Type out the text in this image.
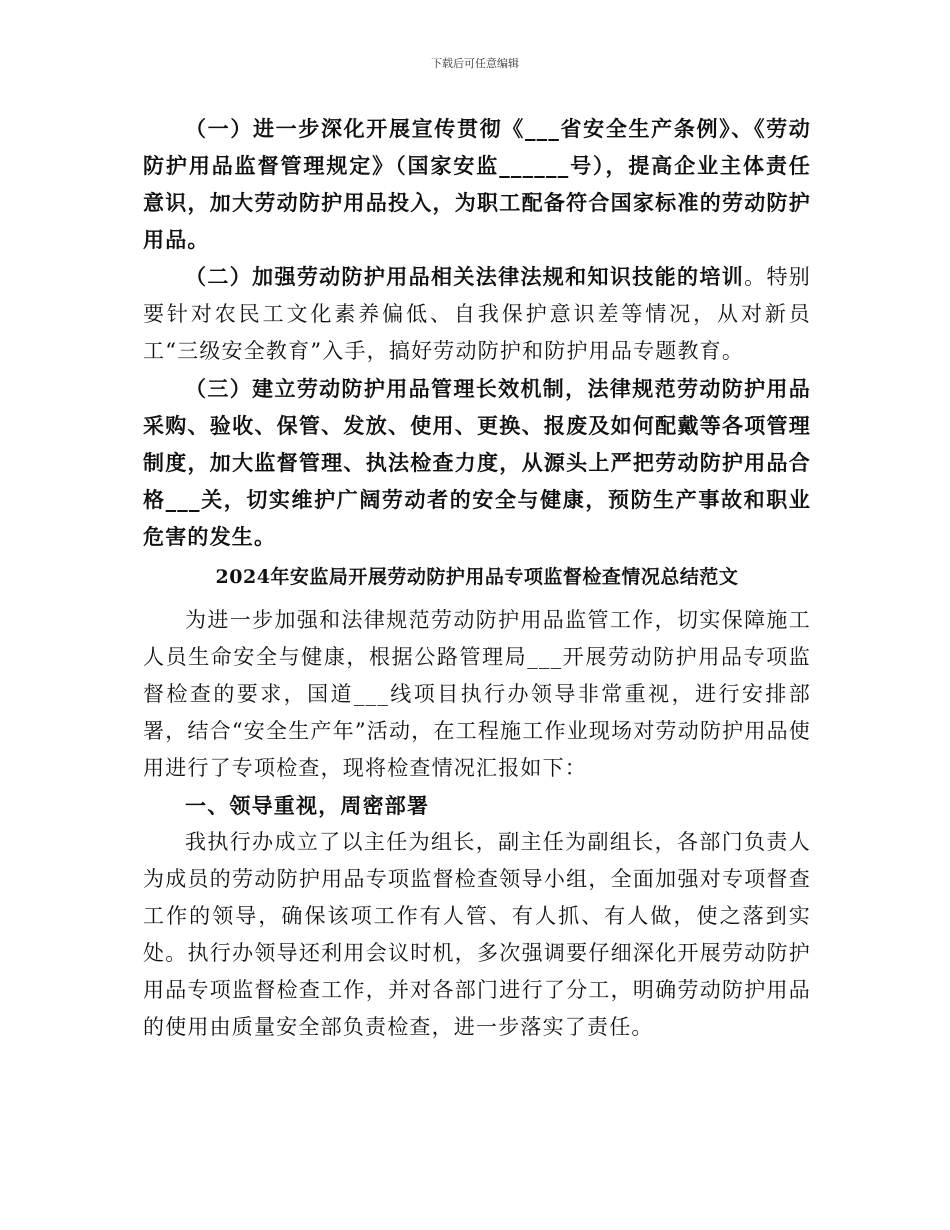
下载后可任意编辑

（一）进一步深化开展宣传贯彻《___省安全生产条例》、《劳动防护用品监督管理规定》（国家安监______号），提高企业主体责任意识，加大劳动防护用品投入，为职工配备符合国家标准的劳动防护用品。

（二）加强劳动防护用品相关法律法规和知识技能的培训。特别要针对农民工文化素养偏低、自我保护意识差等情况，从对新员工“三级安全教育”入手，搞好劳动防护和防护用品专题教育。

（三）建立劳动防护用品管理长效机制，法律规范劳动防护用品采购、验收、保管、发放、使用、更换、报废及如何配戴等各项管理制度，加大监督管理、执法检查力度，从源头上严把劳动防护用品合格___关，切实维护广阔劳动者的安全与健康，预防生产事故和职业危害的发生。

2024年安监局开展劳动防护用品专项监督检查情况总结范文

为进一步加强和法律规范劳动防护用品监管工作，切实保障施工人员生命安全与健康，根据公路管理局___开展劳动防护用品专项监督检查的要求，国道___线项目执行办领导非常重视，进行安排部署，结合“安全生产年”活动，在工程施工作业现场对劳动防护用品使用进行了专项检查，现将检查情况汇报如下：

一、领导重视，周密部署

我执行办成立了以主任为组长，副主任为副组长，各部门负责人为成员的劳动防护用品专项监督检查领导小组，全面加强对专项督查工作的领导，确保该项工作有人管、有人抓、有人做，使之落到实处。执行办领导还利用会议时机，多次强调要仔细深化开展劳动防护用品专项监督检查工作，并对各部门进行了分工，明确劳动防护用品的使用由质量安全部负责检查，进一步落实了责任。
